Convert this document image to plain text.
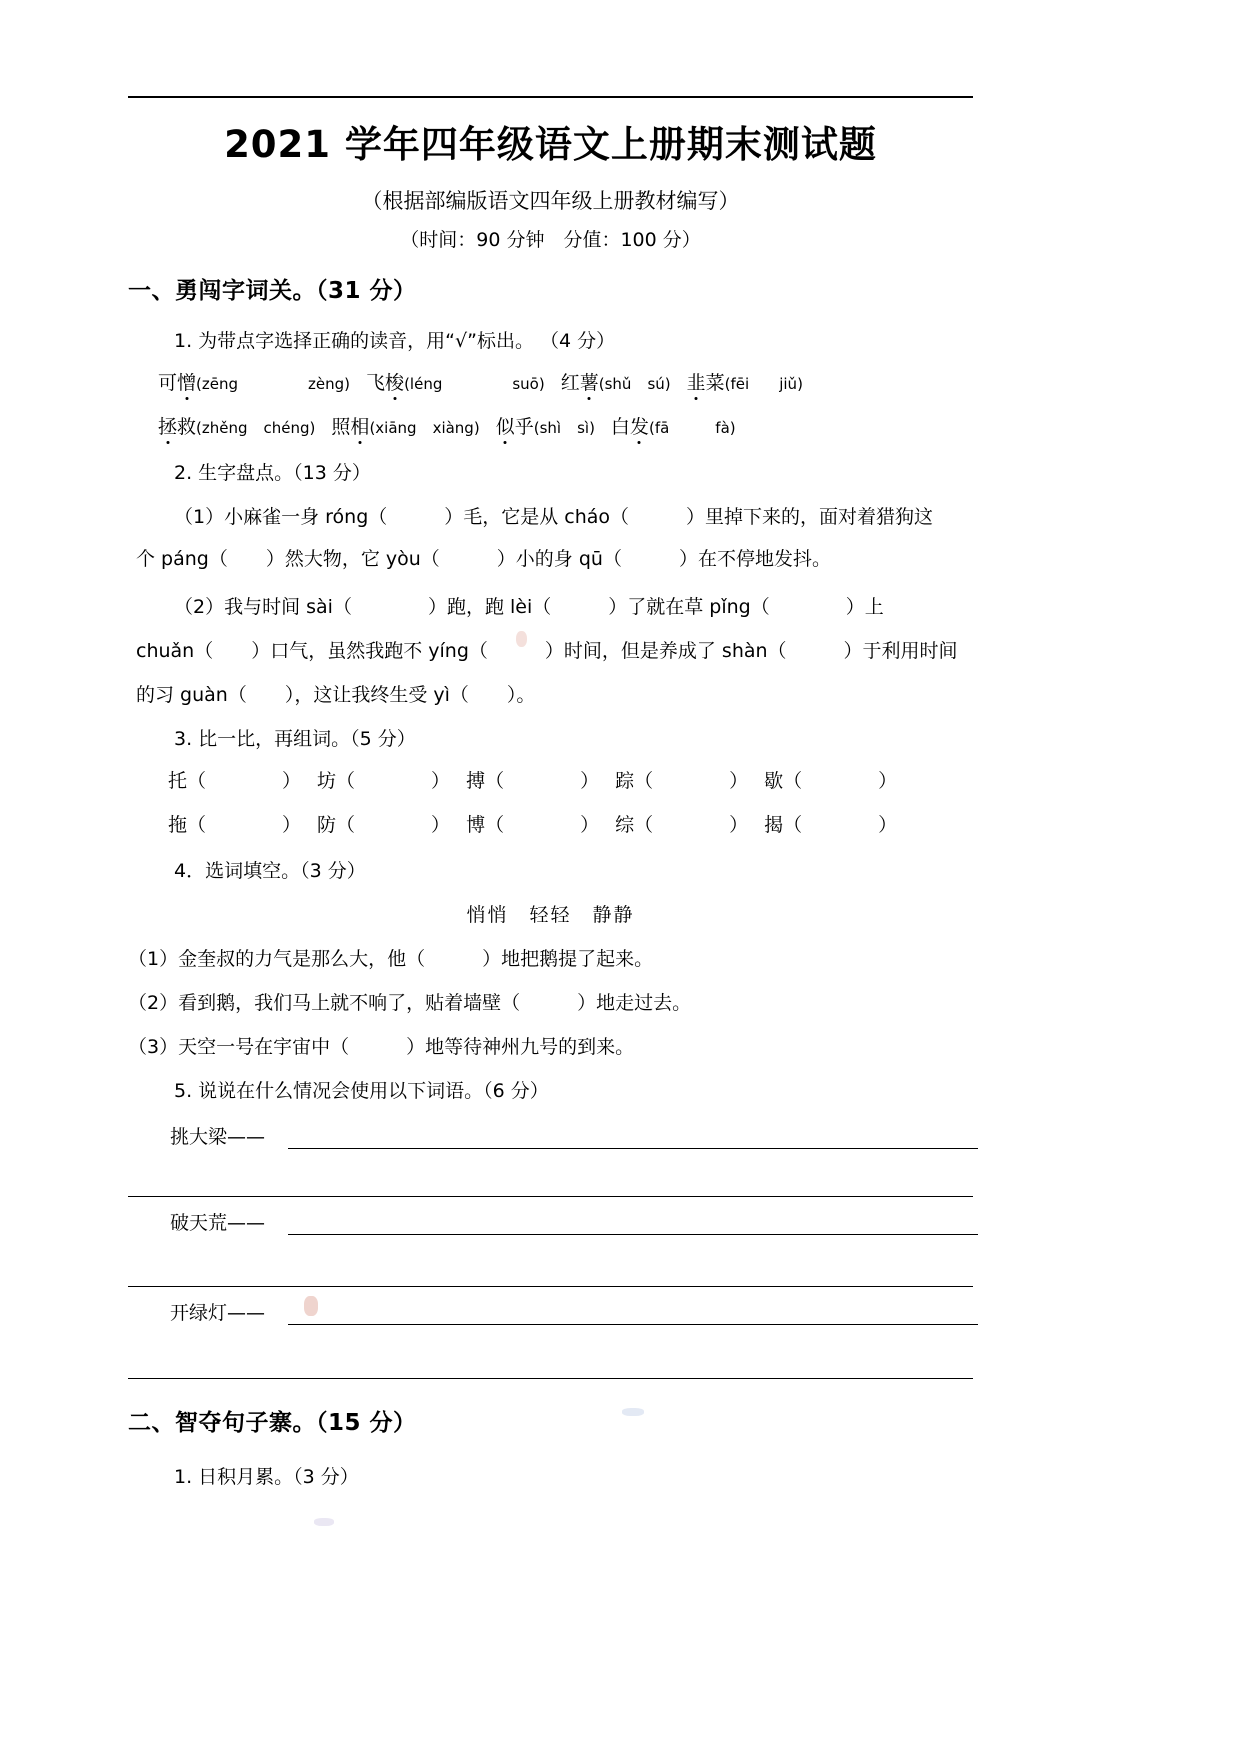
2021 学年四年级语文上册期末测试题
（根据部编版语文四年级上册教材编写）
（时间：90 分钟　分值：100 分）
一、勇闯字词关。（31 分）
1. 为带点字选择正确的读音，用“√”标出。 （4 分）
可憎(zēng	zèng) 飞梭(léng	suō) 红薯(shǔ sú) 韭菜(fēi jiǔ)
拯救(zhěng chéng) 照相(xiāng xiàng) 似乎(shì sì) 白发(fā	fà)
2. 生字盘点。（13 分）
（1）小麻雀一身 róng（　　　）毛，它是从 cháo（　　　）里掉下来的，面对着猎狗这
个 páng（　　）然大物，它 yòu（　　　）小的身 qū（　　　）在不停地发抖。
（2）我与时间 sài（　　　　）跑，跑 lèi（　　　）了就在草 pǐng（　　　　）上
chuǎn（　　）口气，虽然我跑不 yíng（　　　）时间，但是养成了 shàn（　　　）于利用时间
的习 guàn（　　），这让我终生受 yì（　　）。
3. 比一比，再组词。（5 分）
托（　　　　） 坊（　　　　） 搏（　　　　） 踪（　　　　） 歇（　　　　）
拖（　　　　） 防（　　　　） 博（　　　　） 综（　　　　） 揭（　　　　）
4．选词填空。（3 分）
悄悄　轻轻　静静
（1）金奎叔的力气是那么大，他（　　　）地把鹅提了起来。
（2）看到鹅，我们马上就不响了，贴着墙壁（　　　）地走过去。
（3）天空一号在宇宙中（　　　）地等待神州九号的到来。
5. 说说在什么情况会使用以下词语。（6 分）
挑大梁——
破天荒——
开绿灯——
二、智夺句子寨。（15 分）
1. 日积月累。（3 分）
